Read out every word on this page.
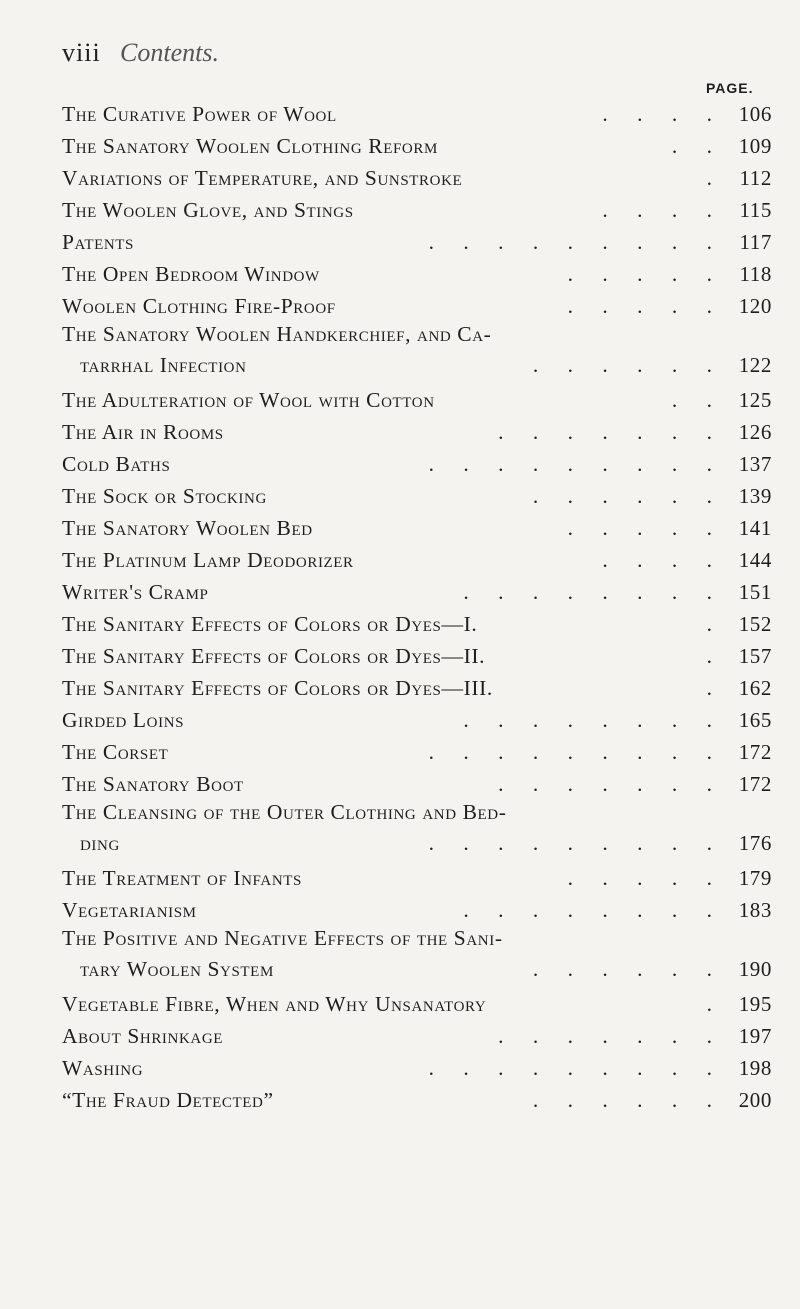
viii Contents.
PAGE.
The Curative Power of Wool	. . . . 106
The Sanatory Woolen Clothing Reform	. . 109
Variations of Temperature, and Sunstroke	. 112
The Woolen Glove, and Stings	. . . . 115
Patents	. . . . . . . . . 117
The Open Bedroom Window	. . . . . 118
Woolen Clothing Fire-Proof	. . . . . 120
The Sanatory Woolen Handkerchief, and Ca-
tarrhal Infection	. . . . . . 122
The Adulteration of Wool with Cotton	. . 125
The Air in Rooms	. . . . . . . 126
Cold Baths	. . . . . . . . . 137
The Sock or Stocking	. . . . . . 139
The Sanatory Woolen Bed	. . . . . 141
The Platinum Lamp Deodorizer	. . . . 144
Writer's Cramp	. . . . . . . . 151
The Sanitary Effects of Colors or Dyes—I.	. 152
The Sanitary Effects of Colors or Dyes—II.	. 157
The Sanitary Effects of Colors or Dyes—III.	. 162
Girded Loins	. . . . . . . . 165
The Corset	. . . . . . . . . 172
The Sanatory Boot	. . . . . . . 172
The Cleansing of the Outer Clothing and Bed-
ding	. . . . . . . . . 176
The Treatment of Infants	. . . . . 179
Vegetarianism	. . . . . . . . 183
The Positive and Negative Effects of the Sani-
tary Woolen System	. . . . . . 190
Vegetable Fibre, When and Why Unsanatory	. 195
About Shrinkage	. . . . . . . 197
Washing	. . . . . . . . . 198
“The Fraud Detected”	. . . . . . 200
